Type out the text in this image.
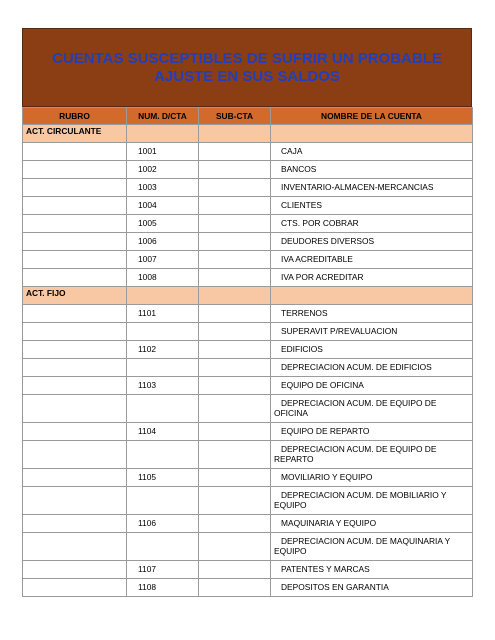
CUENTAS SUSCEPTIBLES DE SUFRIR UN PROBABLE AJUSTE EN SUS SALDOS
RUBRO	NUM. D/CTA	SUB-CTA	NOMBRE DE LA CUENTA
ACT. CIRCULANTE			
	1001		CAJA

	1002		BANCOS

	1003		INVENTARIO-ALMACEN-MERCANCIAS

	1004		CLIENTES

	1005		CTS. POR COBRAR

	1006		DEUDORES DIVERSOS

	1007		IVA ACREDITABLE

	1008		IVA POR ACREDITAR

ACT. FIJO			
	1101		TERRENOS

			SUPERAVIT P/REVALUACION

	1102		EDIFICIOS

			DEPRECIACION ACUM. DE EDIFICIOS

	1103		EQUIPO DE OFICINA

			DEPRECIACION ACUM. DE EQUIPO DE OFICINA

	1104		EQUIPO DE REPARTO

			DEPRECIACION ACUM. DE EQUIPO DE REPARTO

	1105		MOVILIARIO Y EQUIPO

			DEPRECIACION ACUM. DE MOBILIARIO Y EQUIPO

	1106		MAQUINARIA Y EQUIPO

			DEPRECIACION ACUM. DE MAQUINARIA Y EQUIPO

	1107		PATENTES Y MARCAS

	1108		DEPOSITOS EN GARANTIA
